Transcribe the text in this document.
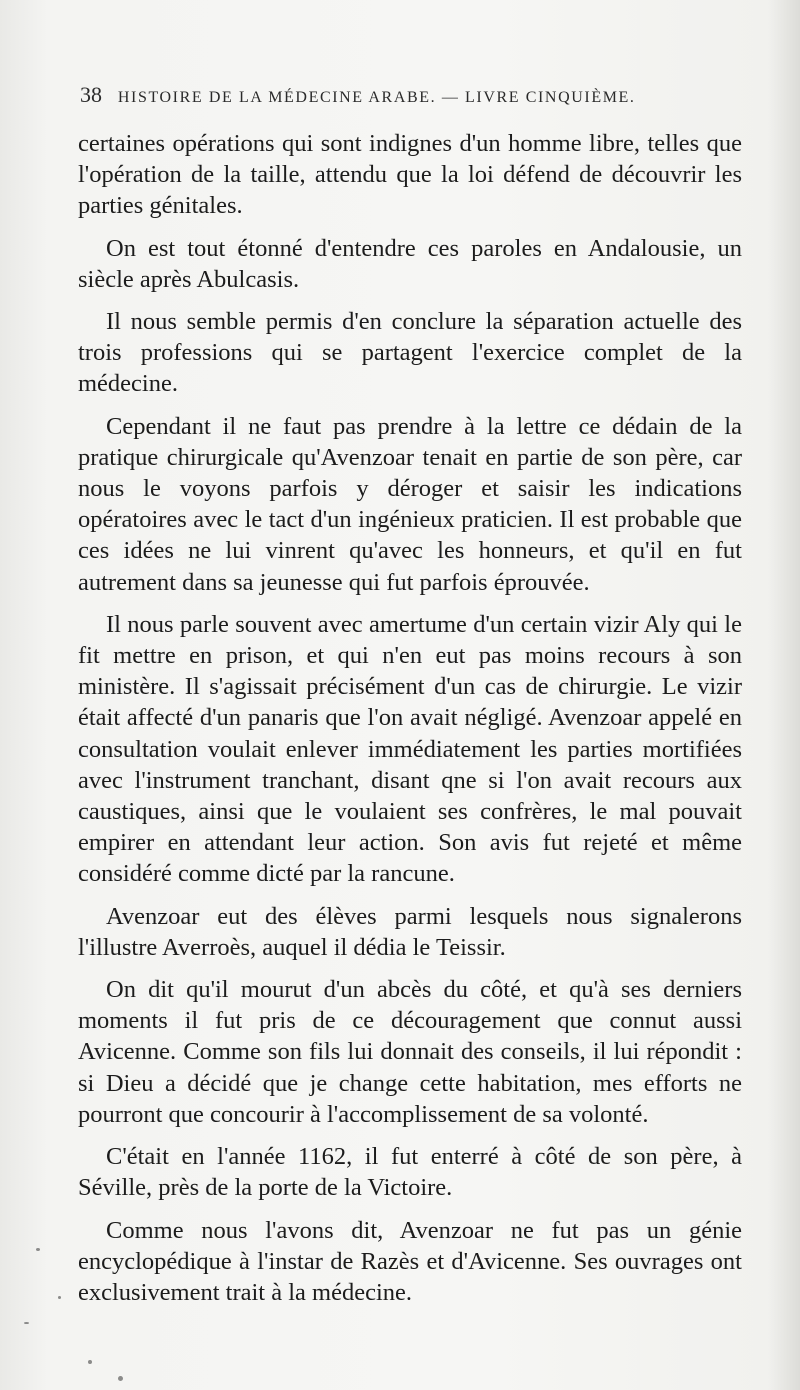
38 HISTOIRE DE LA MÉDECINE ARABE. — LIVRE CINQUIÈME.

certaines opérations qui sont indignes d'un homme libre, telles que l'opération de la taille, attendu que la loi défend de découvrir les parties génitales.

On est tout étonné d'entendre ces paroles en Andalousie, un siècle après Abulcasis.

Il nous semble permis d'en conclure la séparation actuelle des trois professions qui se partagent l'exercice complet de la médecine.

Cependant il ne faut pas prendre à la lettre ce dédain de la pratique chirurgicale qu'Avenzoar tenait en partie de son père, car nous le voyons parfois y déroger et saisir les indications opératoires avec le tact d'un ingénieux praticien. Il est probable que ces idées ne lui vinrent qu'avec les honneurs, et qu'il en fut autrement dans sa jeunesse qui fut parfois éprouvée.

Il nous parle souvent avec amertume d'un certain vizir Aly qui le fit mettre en prison, et qui n'en eut pas moins recours à son ministère. Il s'agissait précisément d'un cas de chirurgie. Le vizir était affecté d'un panaris que l'on avait négligé. Avenzoar appelé en consultation voulait enlever immédiatement les parties mortifiées avec l'instrument tranchant, disant qne si l'on avait recours aux caustiques, ainsi que le voulaient ses confrères, le mal pouvait empirer en attendant leur action. Son avis fut rejeté et même considéré comme dicté par la rancune.

Avenzoar eut des élèves parmi lesquels nous signalerons l'illustre Averroès, auquel il dédia le Teissir.

On dit qu'il mourut d'un abcès du côté, et qu'à ses derniers moments il fut pris de ce découragement que connut aussi Avicenne. Comme son fils lui donnait des conseils, il lui répondit : si Dieu a décidé que je change cette habitation, mes efforts ne pourront que concourir à l'accomplissement de sa volonté.

C'était en l'année 1162, il fut enterré à côté de son père, à Séville, près de la porte de la Victoire.

Comme nous l'avons dit, Avenzoar ne fut pas un génie encyclopédique à l'instar de Razès et d'Avicenne. Ses ouvrages ont exclusivement trait à la médecine.
